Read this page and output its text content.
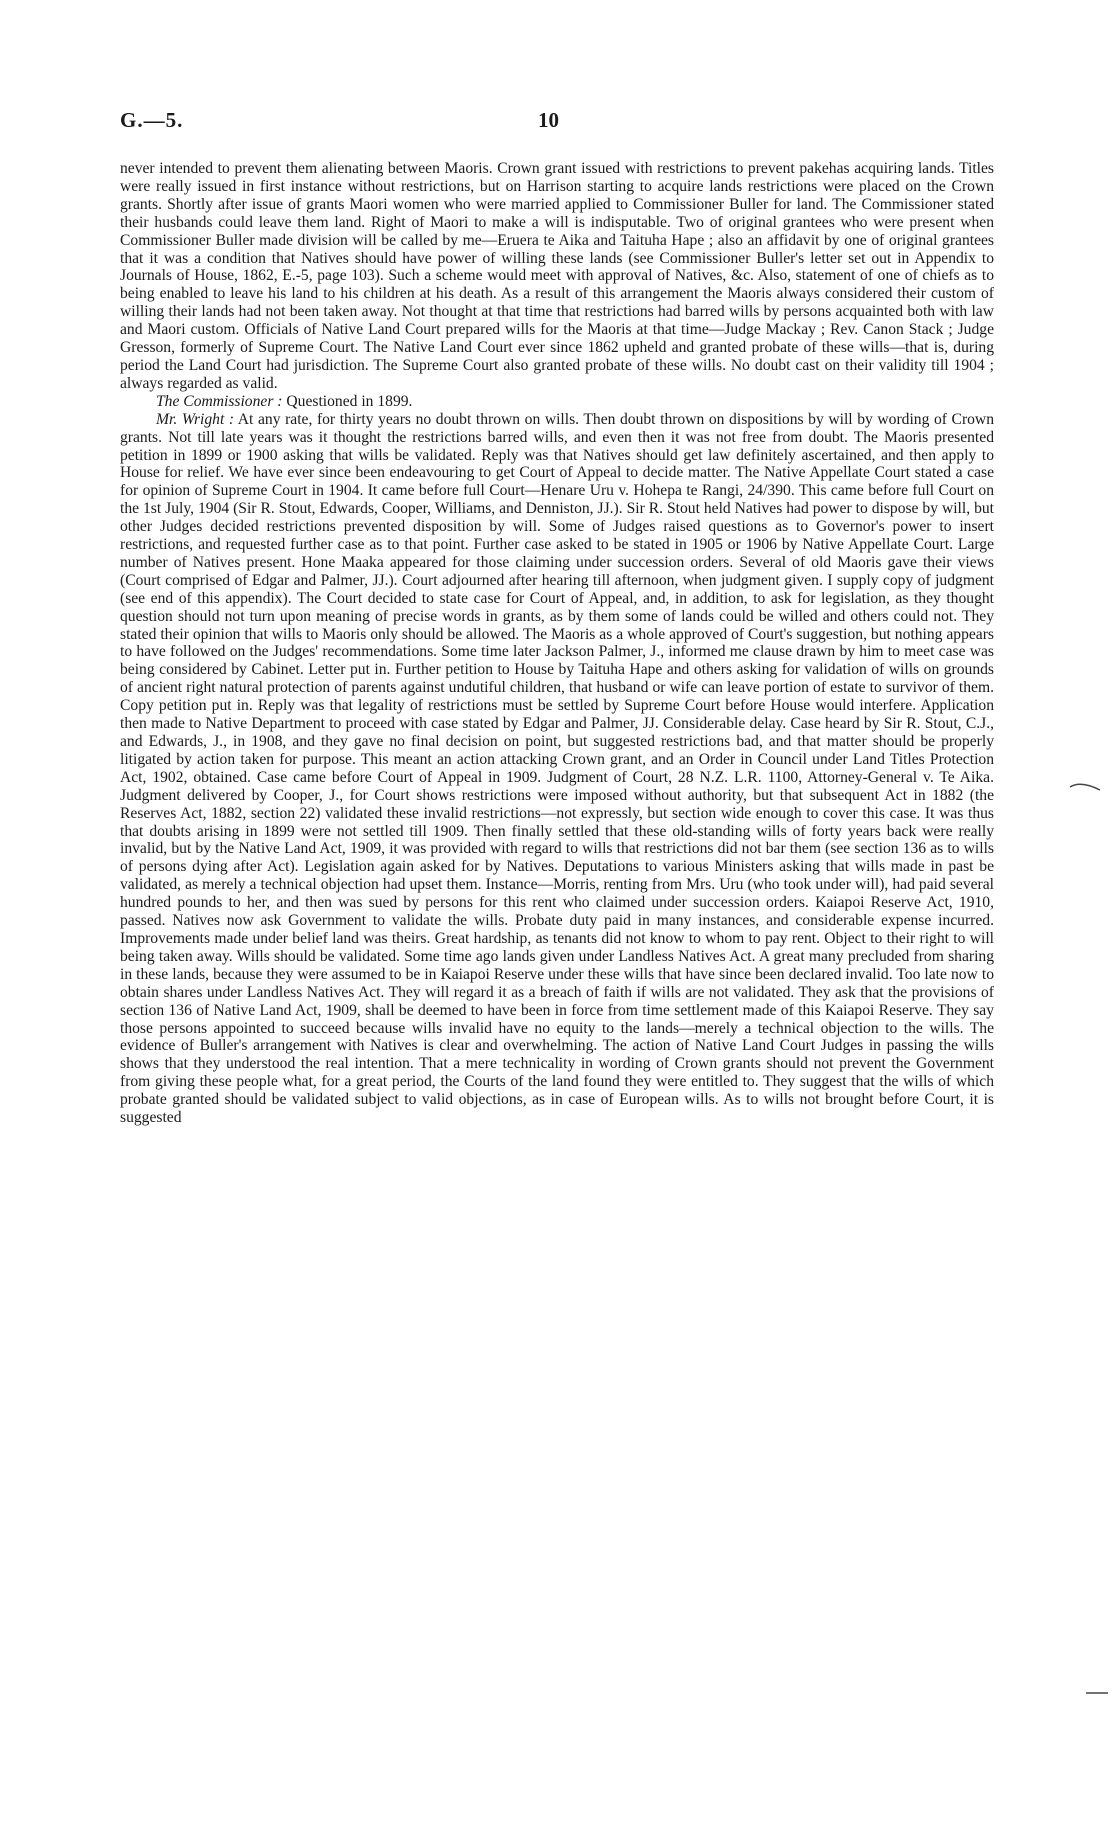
G.—5.	10

never intended to prevent them alienating between Maoris. Crown grant issued with restrictions to prevent pakehas acquiring lands. Titles were really issued in first instance without restrictions, but on Harrison starting to acquire lands restrictions were placed on the Crown grants. Shortly after issue of grants Maori women who were married applied to Commissioner Buller for land. The Commissioner stated their husbands could leave them land. Right of Maori to make a will is indisputable. Two of original grantees who were present when Commissioner Buller made division will be called by me—Eruera te Aika and Taituha Hape ; also an affidavit by one of original grantees that it was a condition that Natives should have power of willing these lands (see Commissioner Buller's letter set out in Appendix to Journals of House, 1862, E.-5, page 103). Such a scheme would meet with approval of Natives, &c. Also, statement of one of chiefs as to being enabled to leave his land to his children at his death. As a result of this arrangement the Maoris always considered their custom of willing their lands had not been taken away. Not thought at that time that restrictions had barred wills by persons acquainted both with law and Maori custom. Officials of Native Land Court prepared wills for the Maoris at that time—Judge Mackay ; Rev. Canon Stack ; Judge Gresson, formerly of Supreme Court. The Native Land Court ever since 1862 upheld and granted probate of these wills—that is, during period the Land Court had jurisdiction. The Supreme Court also granted probate of these wills. No doubt cast on their validity till 1904 ; always regarded as valid.

The Commissioner : Questioned in 1899.

Mr. Wright : At any rate, for thirty years no doubt thrown on wills. Then doubt thrown on dispositions by will by wording of Crown grants. Not till late years was it thought the restrictions barred wills, and even then it was not free from doubt. The Maoris presented petition in 1899 or 1900 asking that wills be validated. Reply was that Natives should get law definitely ascertained, and then apply to House for relief. We have ever since been endeavouring to get Court of Appeal to decide matter. The Native Appellate Court stated a case for opinion of Supreme Court in 1904. It came before full Court—Henare Uru v. Hohepa te Rangi, 24/390. This came before full Court on the 1st July, 1904 (Sir R. Stout, Edwards, Cooper, Williams, and Denniston, JJ.). Sir R. Stout held Natives had power to dispose by will, but other Judges decided restrictions prevented disposition by will. Some of Judges raised questions as to Governor's power to insert restrictions, and requested further case as to that point. Further case asked to be stated in 1905 or 1906 by Native Appellate Court. Large number of Natives present. Hone Maaka appeared for those claiming under succession orders. Several of old Maoris gave their views (Court comprised of Edgar and Palmer, JJ.). Court adjourned after hearing till afternoon, when judgment given. I supply copy of judgment (see end of this appendix). The Court decided to state case for Court of Appeal, and, in addition, to ask for legislation, as they thought question should not turn upon meaning of precise words in grants, as by them some of lands could be willed and others could not. They stated their opinion that wills to Maoris only should be allowed. The Maoris as a whole approved of Court's suggestion, but nothing appears to have followed on the Judges' recommendations. Some time later Jackson Palmer, J., informed me clause drawn by him to meet case was being considered by Cabinet. Letter put in. Further petition to House by Taituha Hape and others asking for validation of wills on grounds of ancient right natural protection of parents against undutiful children, that husband or wife can leave portion of estate to survivor of them. Copy petition put in. Reply was that legality of restrictions must be settled by Supreme Court before House would interfere. Application then made to Native Department to proceed with case stated by Edgar and Palmer, JJ. Considerable delay. Case heard by Sir R. Stout, C.J., and Edwards, J., in 1908, and they gave no final decision on point, but suggested restrictions bad, and that matter should be properly litigated by action taken for purpose. This meant an action attacking Crown grant, and an Order in Council under Land Titles Protection Act, 1902, obtained. Case came before Court of Appeal in 1909. Judgment of Court, 28 N.Z. L.R. 1100, Attorney-General v. Te Aika. Judgment delivered by Cooper, J., for Court shows restrictions were imposed without authority, but that subsequent Act in 1882 (the Reserves Act, 1882, section 22) validated these invalid restrictions—not expressly, but section wide enough to cover this case. It was thus that doubts arising in 1899 were not settled till 1909. Then finally settled that these old-standing wills of forty years back were really invalid, but by the Native Land Act, 1909, it was provided with regard to wills that restrictions did not bar them (see section 136 as to wills of persons dying after Act). Legislation again asked for by Natives. Deputations to various Ministers asking that wills made in past be validated, as merely a technical objection had upset them. Instance—Morris, renting from Mrs. Uru (who took under will), had paid several hundred pounds to her, and then was sued by persons for this rent who claimed under succession orders. Kaiapoi Reserve Act, 1910, passed. Natives now ask Government to validate the wills. Probate duty paid in many instances, and considerable expense incurred. Improvements made under belief land was theirs. Great hardship, as tenants did not know to whom to pay rent. Object to their right to will being taken away. Wills should be validated. Some time ago lands given under Landless Natives Act. A great many precluded from sharing in these lands, because they were assumed to be in Kaiapoi Reserve under these wills that have since been declared invalid. Too late now to obtain shares under Landless Natives Act. They will regard it as a breach of faith if wills are not validated. They ask that the provisions of section 136 of Native Land Act, 1909, shall be deemed to have been in force from time settlement made of this Kaiapoi Reserve. They say those persons appointed to succeed because wills invalid have no equity to the lands—merely a technical objection to the wills. The evidence of Buller's arrangement with Natives is clear and overwhelming. The action of Native Land Court Judges in passing the wills shows that they understood the real intention. That a mere technicality in wording of Crown grants should not prevent the Government from giving these people what, for a great period, the Courts of the land found they were entitled to. They suggest that the wills of which probate granted should be validated subject to valid objections, as in case of European wills. As to wills not brought before Court, it is suggested
